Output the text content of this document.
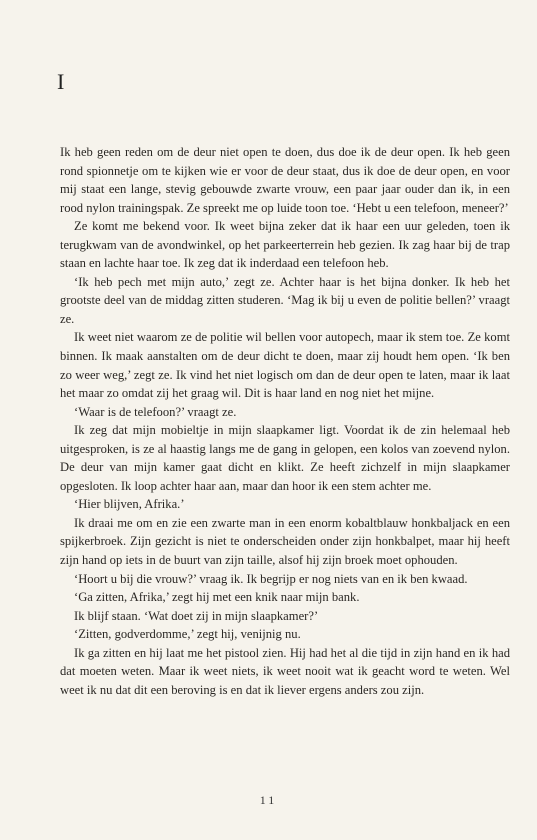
I

Ik heb geen reden om de deur niet open te doen, dus doe ik de deur open. Ik heb geen rond spionnetje om te kijken wie er voor de deur staat, dus ik doe de deur open, en voor mij staat een lange, stevig gebouwde zwarte vrouw, een paar jaar ouder dan ik, in een rood nylon trainingspak. Ze spreekt me op luide toon toe. ‘Hebt u een telefoon, meneer?’

Ze komt me bekend voor. Ik weet bijna zeker dat ik haar een uur geleden, toen ik terugkwam van de avondwinkel, op het parkeerterrein heb gezien. Ik zag haar bij de trap staan en lachte haar toe. Ik zeg dat ik inderdaad een telefoon heb.

‘Ik heb pech met mijn auto,’ zegt ze. Achter haar is het bijna donker. Ik heb het grootste deel van de middag zitten studeren. ‘Mag ik bij u even de politie bellen?’ vraagt ze.

Ik weet niet waarom ze de politie wil bellen voor autopech, maar ik stem toe. Ze komt binnen. Ik maak aanstalten om de deur dicht te doen, maar zij houdt hem open. ‘Ik ben zo weer weg,’ zegt ze. Ik vind het niet logisch om dan de deur open te laten, maar ik laat het maar zo omdat zij het graag wil. Dit is haar land en nog niet het mijne.

‘Waar is de telefoon?’ vraagt ze.

Ik zeg dat mijn mobieltje in mijn slaapkamer ligt. Voordat ik de zin helemaal heb uitgesproken, is ze al haastig langs me de gang in gelopen, een kolos van zoevend nylon. De deur van mijn kamer gaat dicht en klikt. Ze heeft zichzelf in mijn slaapkamer opgesloten. Ik loop achter haar aan, maar dan hoor ik een stem achter me.

‘Hier blijven, Afrika.’

Ik draai me om en zie een zwarte man in een enorm kobaltblauw honkbaljack en een spijkerbroek. Zijn gezicht is niet te onderscheiden onder zijn honkbalpet, maar hij heeft zijn hand op iets in de buurt van zijn taille, alsof hij zijn broek moet ophouden.

‘Hoort u bij die vrouw?’ vraag ik. Ik begrijp er nog niets van en ik ben kwaad.

‘Ga zitten, Afrika,’ zegt hij met een knik naar mijn bank.

Ik blijf staan. ‘Wat doet zij in mijn slaapkamer?’

‘Zitten, godverdomme,’ zegt hij, venijnig nu.

Ik ga zitten en hij laat me het pistool zien. Hij had het al die tijd in zijn hand en ik had dat moeten weten. Maar ik weet niets, ik weet nooit wat ik geacht word te weten. Wel weet ik nu dat dit een beroving is en dat ik liever ergens anders zou zijn.

11
